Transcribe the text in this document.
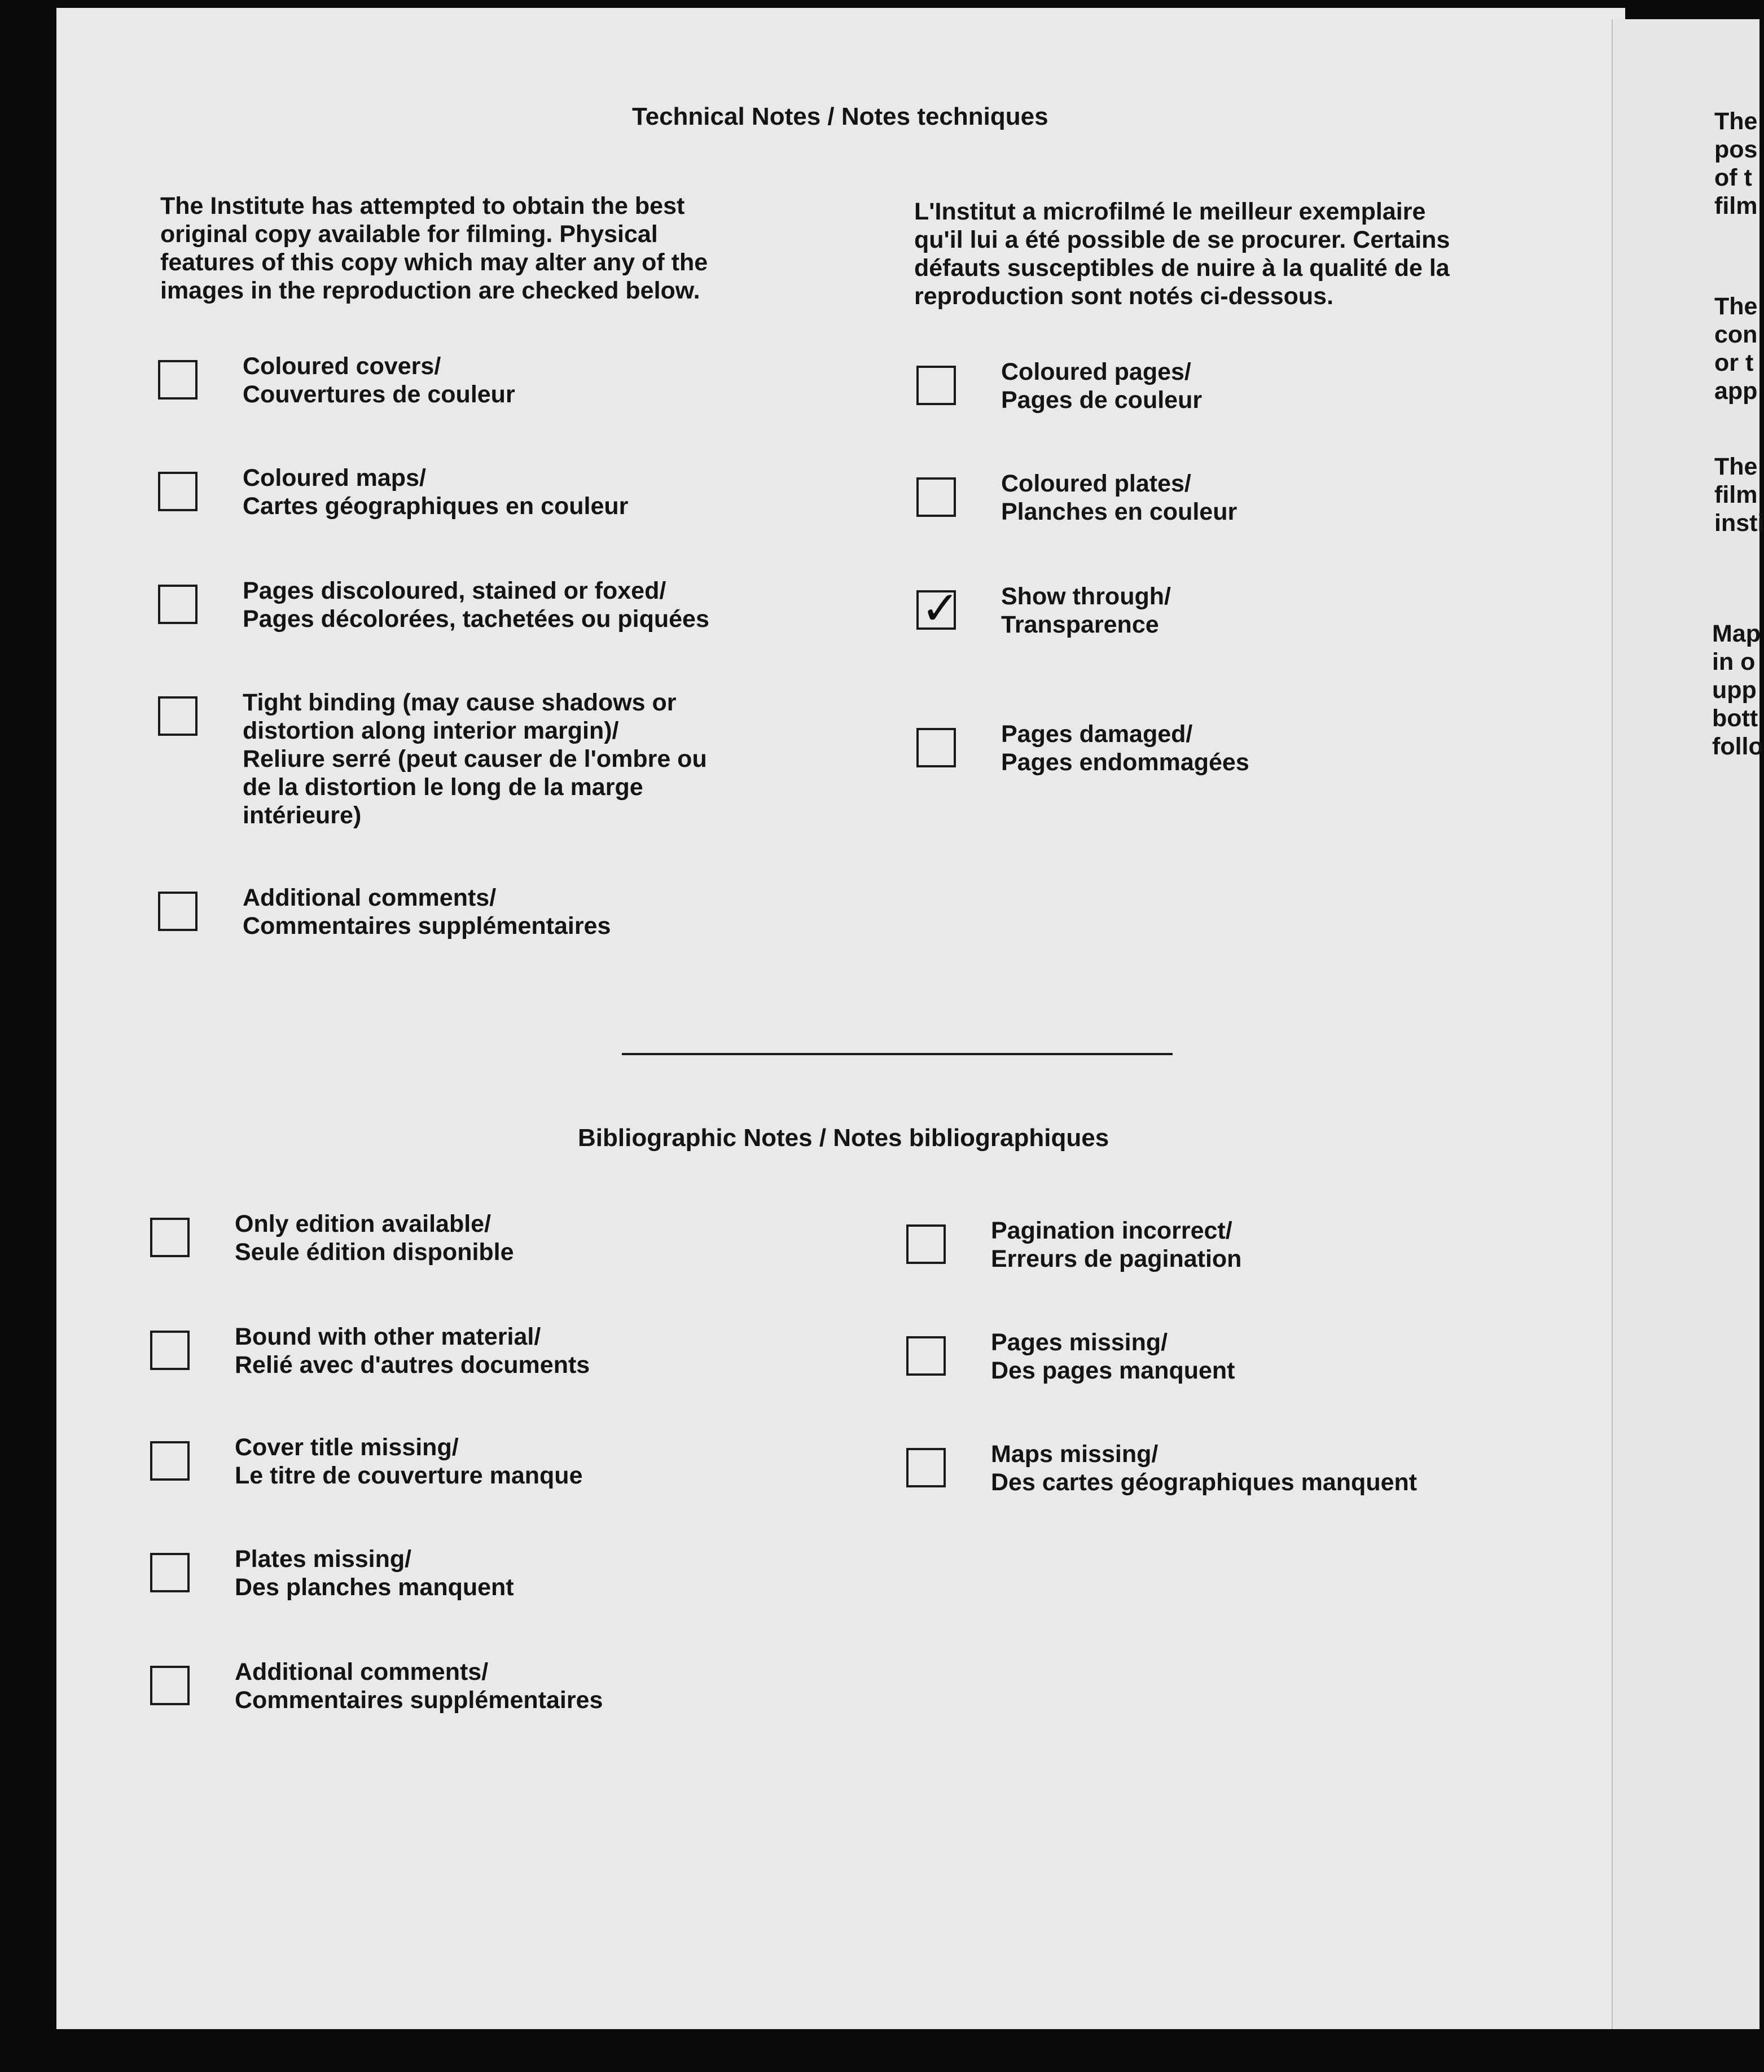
Technical Notes / Notes techniques
The Institute has attempted to obtain the best
original copy available for filming. Physical
features of this copy which may alter any of the
images in the reproduction are checked below.
L'Institut a microfilmé le meilleur exemplaire
qu'il lui a été possible de se procurer. Certains
défauts susceptibles de nuire à la qualité de la
reproduction sont notés ci-dessous.
Coloured covers/
Couvertures de couleur
Coloured maps/
Cartes géographiques en couleur
Pages discoloured, stained or foxed/
Pages décolorées, tachetées ou piquées
Tight binding (may cause shadows or
distortion along interior margin)/
Reliure serré (peut causer de l'ombre ou
de la distortion le long de la marge
intérieure)
Additional comments/
Commentaires supplémentaires
Coloured pages/
Pages de couleur
Coloured plates/
Planches en couleur
✓ Show through/
Transparence
Pages damaged/
Pages endommagées
Bibliographic Notes / Notes bibliographiques
Only edition available/
Seule édition disponible
Bound with other material/
Relié avec d'autres documents
Cover title missing/
Le titre de couverture manque
Plates missing/
Des planches manquent
Additional comments/
Commentaires supplémentaires
Pagination incorrect/
Erreurs de pagination
Pages missing/
Des pages manquent
Maps missing/
Des cartes géographiques manquent
The
pos
of t
film
The
con
or t
app
The
film
insti
Map
in o
upp
bott
follo
